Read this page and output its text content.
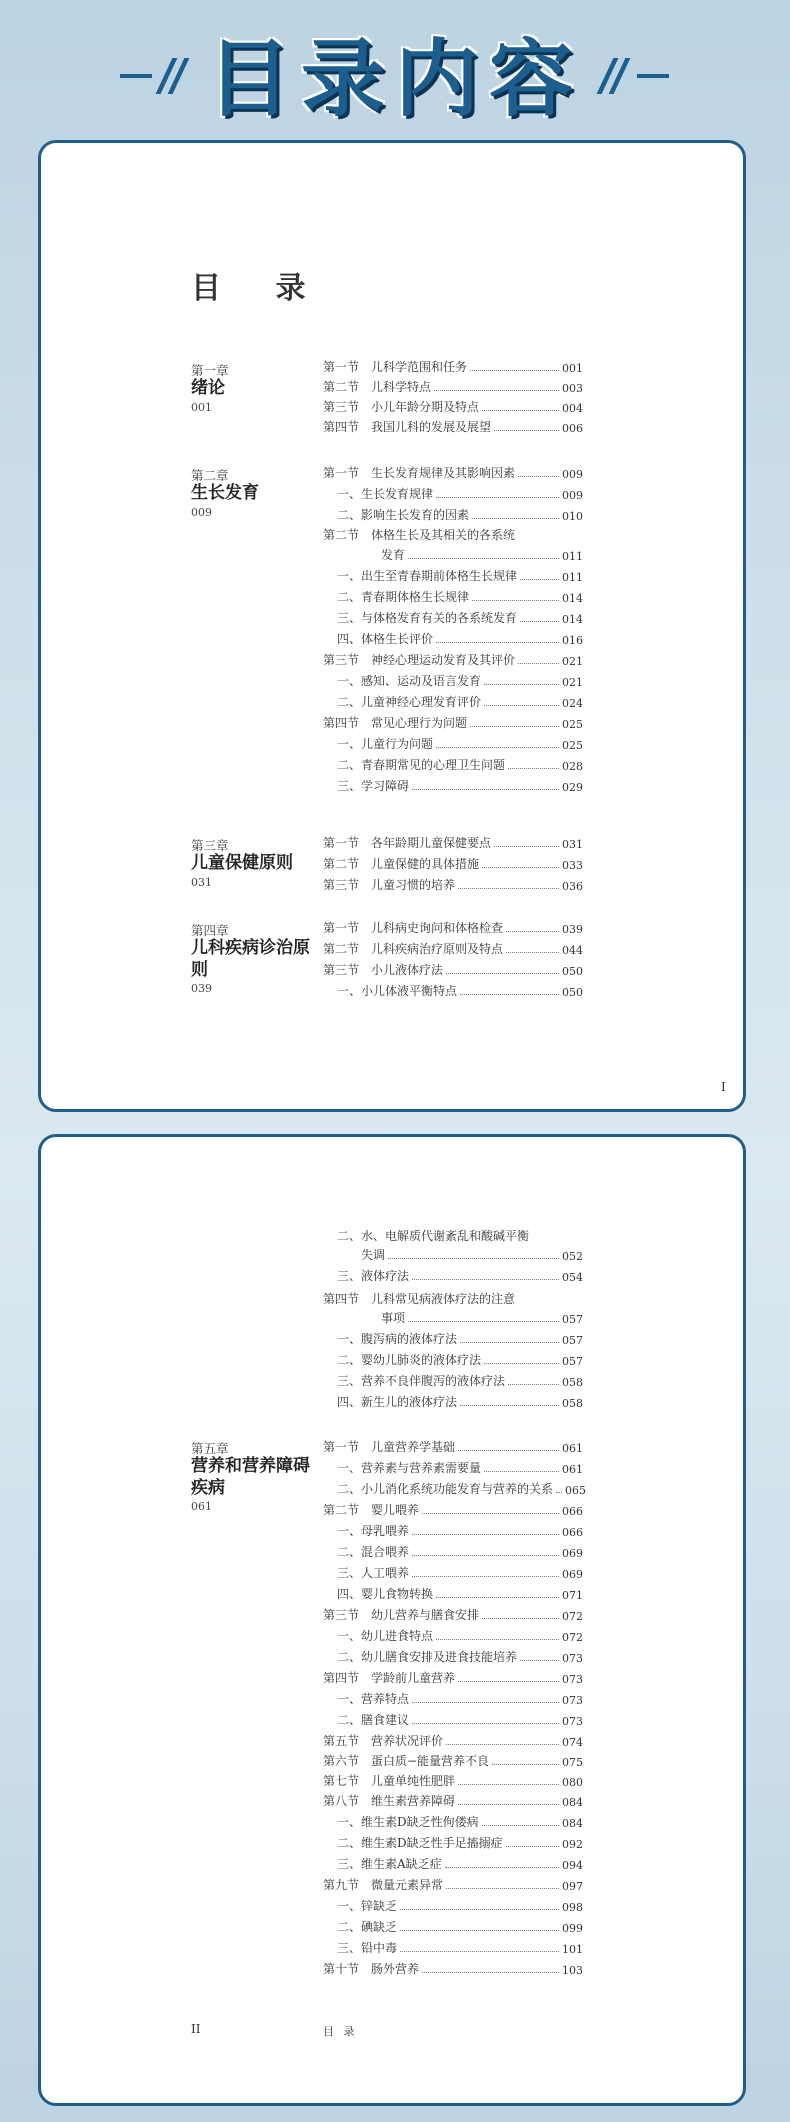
目录内容
目 录
第一章
绪论
001
第二章
生长发育
009
第三章
儿童保健原则
031
第四章
儿科疾病诊治原则
039
第一节　儿科学范围和任务	001
第二节　儿科学特点	003
第三节　小儿年龄分期及特点	004
第四节　我国儿科的发展及展望	006
第一节　生长发育规律及其影响因素	009
一、生长发育规律	009
二、影响生长发育的因素	010
第二节　体格生长及其相关的各系统
发育	011
一、出生至青春期前体格生长规律	011
二、青春期体格生长规律	014
三、与体格发育有关的各系统发育	014
四、体格生长评价	016
第三节　神经心理运动发育及其评价	021
一、感知、运动及语言发育	021
二、儿童神经心理发育评价	024
第四节　常见心理行为问题	025
一、儿童行为问题	025
二、青春期常见的心理卫生问题	028
三、学习障碍	029
第一节　各年龄期儿童保健要点	031
第二节　儿童保健的具体措施	033
第三节　儿童习惯的培养	036
第一节　儿科病史询问和体格检查	039
第二节　儿科疾病治疗原则及特点	044
第三节　小儿液体疗法	050
一、小儿体液平衡特点	050
I
第五章
营养和营养障碍疾病
061
二、水、电解质代谢紊乱和酸碱平衡
失调	052
三、液体疗法	054
第四节　儿科常见病液体疗法的注意
事项	057
一、腹泻病的液体疗法	057
二、婴幼儿肺炎的液体疗法	057
三、营养不良伴腹泻的液体疗法	058
四、新生儿的液体疗法	058
第一节　儿童营养学基础	061
一、营养素与营养素需要量	061
二、小儿消化系统功能发育与营养的关系 065
第二节　婴儿喂养	066
一、母乳喂养	066
二、混合喂养	069
三、人工喂养	069
四、婴儿食物转换	071
第三节　幼儿营养与膳食安排	072
一、幼儿进食特点	072
二、幼儿膳食安排及进食技能培养	073
第四节　学龄前儿童营养	073
一、营养特点	073
二、膳食建议	073
第五节　营养状况评价	074
第六节　蛋白质−能量营养不良	075
第七节　儿童单纯性肥胖	080
第八节　维生素营养障碍	084
一、维生素D缺乏性佝偻病	084
二、维生素D缺乏性手足搐搦症	092
三、维生素A缺乏症	094
第九节　微量元素异常	097
一、锌缺乏	098
二、碘缺乏	099
三、铅中毒	101
第十节　肠外营养	103
II	目 录
